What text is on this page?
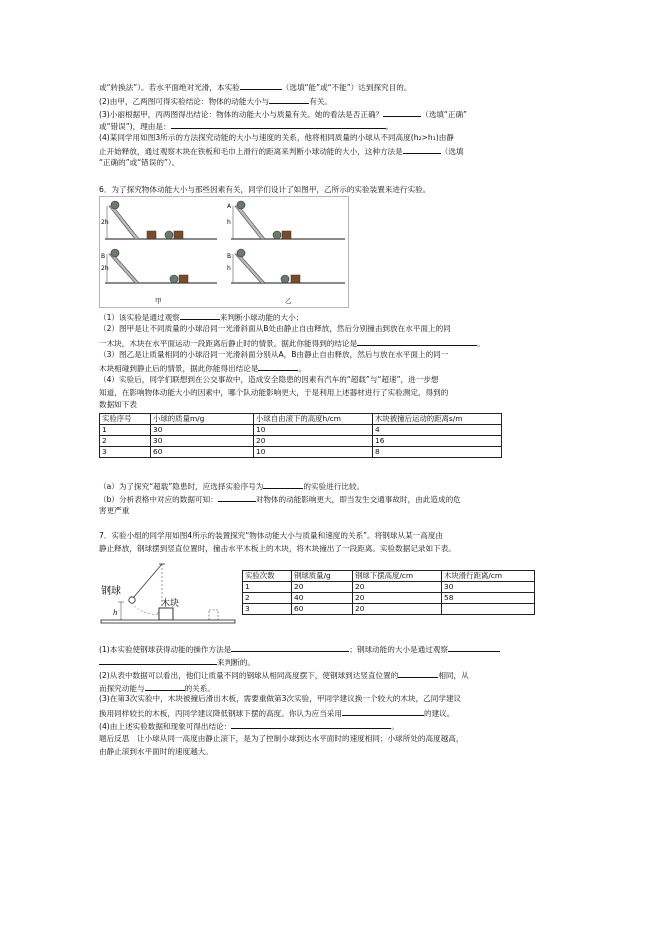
或“转换法”）。若水平面绝对光滑，本实验	（选填“能”或“不能”）达到探究目的。
(2)由甲，乙两图可得实验结论：物体的动能大小与	有关。
(3)小丽根据甲，丙两图得出结论：物体的动能大小与质量有关。她的看法是否正确？	（选填“正确”
或“错误”)，理由是：	。
(4)某同学用如图3所示的方法探究动能的大小与速度的关系，他将相同质量的小球从不同高度(h₂>h₁)由静
止开始释放，通过观察木块在铁板和毛巾上滑行的距离来判断小球动能的大小，这种方法是	（选填
“正确的”或“错误的”）。
6．为了探究物体动能大小与那些因素有关，同学们设计了如图甲，乙所示的实验装置来进行实验。
2h
2h
B
h
A
h
B
甲	乙
（1）该实验是通过观察	来判断小球动能的大小；
（2）图甲是让不同质量的小球沿同一光滑斜面从B处由静止自由释放，然后分别撞击到放在水平面上的同
一木块，木块在水平面运动一段距离后静止时的情景。据此你能得到的结论是	。
（3）图乙是让质量相同的小球沿同一光滑斜面分别从A，B由静止自由释放，然后与放在水平面上的同一
木块相碰到静止后的情景，据此你能得出结论是	。
（4）实验后，同学们联想到在公交事故中，造成安全隐患的因素有汽车的“超载”与“超速”，进一步想
知道，在影响物体动能大小的因素中，哪个队动能影响更大，于是利用上述器材进行了实验测定，得到的
数据如下表
实验序号	小球的质量m/g	小球自由滚下的高度h/cm	木块被撞后运动的距离s/m
1	30	10	4
2	30	20	16
3	60	10	8
（a）为了探究“超载”隐患时，应选择实验序号为	的实验进行比较。
（b）分析表格中对应的数据可知：	对物体的动能影响更大，即当发生交通事故时，由此造成的危
害更严重
7．实验小组的同学用如图4所示的装置探究“物体动能大小与质量和速度的关系”。将钢球从某一高度由
静止释放，钢球摆到竖直位置时，撞击水平木板上的木块，将木块撞出了一段距离。实验数据记录如下表。
钢球
木块
h
实验次数	钢球质量/g	钢球下摆高度/cm	木块滑行距离/cm
1	20	20	30
2	40	20	58
3	60	20	
(1)本实验使钢球获得动能的操作方法是	；钢球动能的大小是通过观察
来判断的。
(2)从表中数据可以看出，他们让质量不同的钢球从相同高度摆下，使钢球到达竖直位置的	相同，从
而探究动能与	的关系。
(3)在第3次实验中，木块被撞后滑出木板，需要重做第3次实验，甲同学建议换一个较大的木块，乙同学建议
换用同样较长的木板，丙同学建议降低钢球下摆的高度。你认为应当采用	的建议。
(4)由上述实验数据和现象可得出结论：	。
题后反思　让小球从同一高度由静止滚下，是为了控制小球到达水平面时的速度相同；小球所处的高度越高，
由静止滚到水平面时的速度越大。
